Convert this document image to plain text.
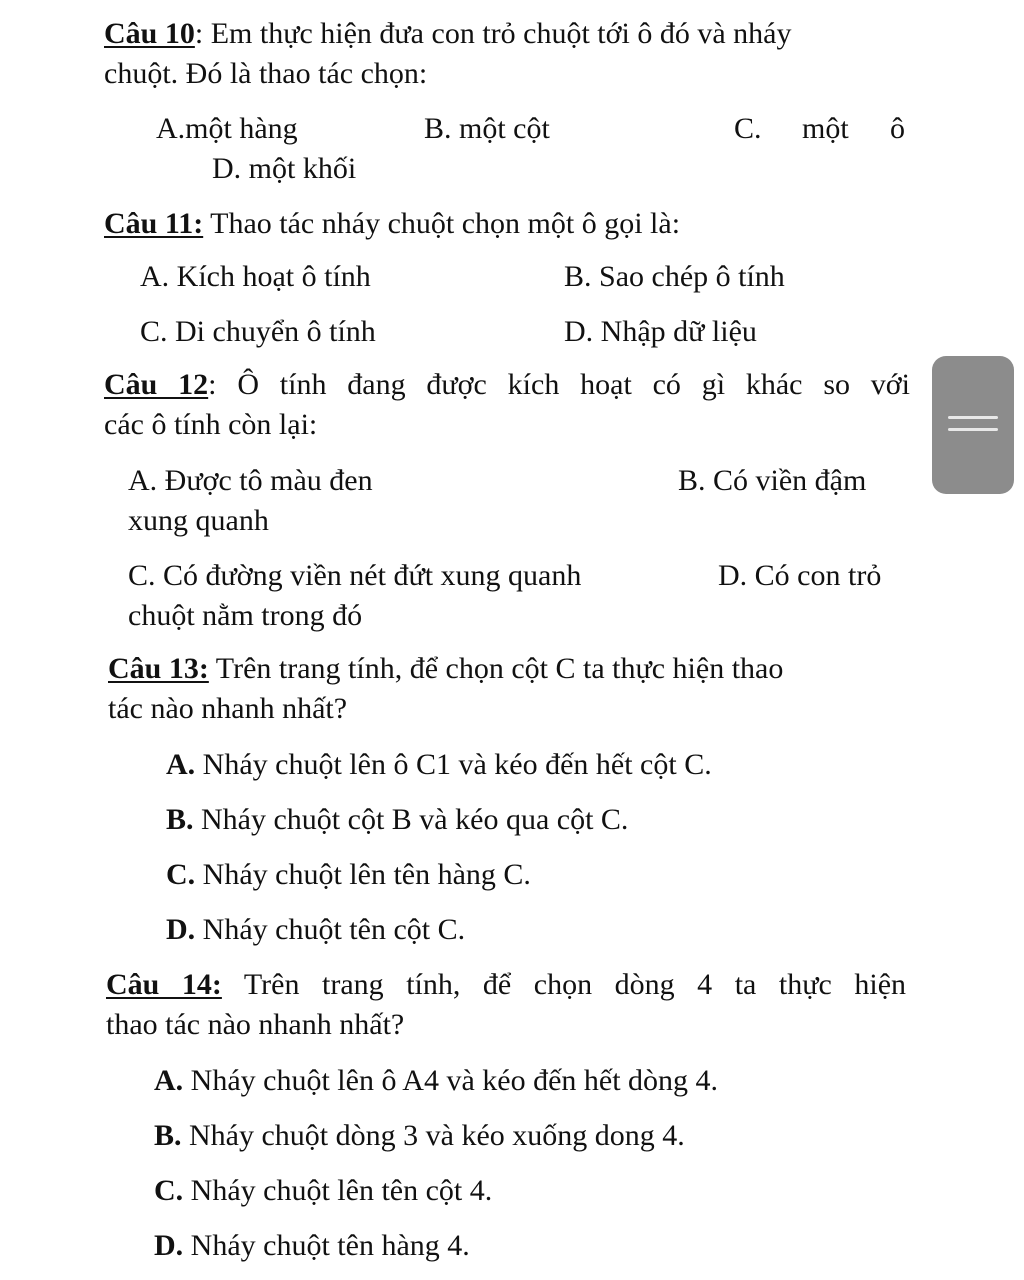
Câu 10: Em thực hiện đưa con trỏ chuột tới ô đó và nháy
chuột. Đó là thao tác chọn:
A.một hàng	B. một cột	C. một ô
D. một khối
Câu 11: Thao tác nháy chuột chọn một ô gọi là:
A. Kích hoạt ô tính	B. Sao chép ô tính
C. Di chuyển ô tính	D. Nhập dữ liệu
Câu 12: Ô tính đang được kích hoạt có gì khác so với
các ô tính còn lại:
A. Được tô màu đen	B. Có viền đậm
xung quanh
C. Có đường viền nét đứt xung quanh	D. Có con trỏ
chuột nằm trong đó
Câu 13: Trên trang tính, để chọn cột C ta thực hiện thao
tác nào nhanh nhất?
A. Nháy chuột lên ô C1 và kéo đến hết cột C.
B. Nháy chuột cột B và kéo qua cột C.
C. Nháy chuột lên tên hàng C.
D. Nháy chuột tên cột C.
Câu 14: Trên trang tính, để chọn dòng 4 ta thực hiện
thao tác nào nhanh nhất?
A. Nháy chuột lên ô A4 và kéo đến hết dòng 4.
B. Nháy chuột dòng 3 và kéo xuống dong 4.
C. Nháy chuột lên tên cột 4.
D. Nháy chuột tên hàng 4.
